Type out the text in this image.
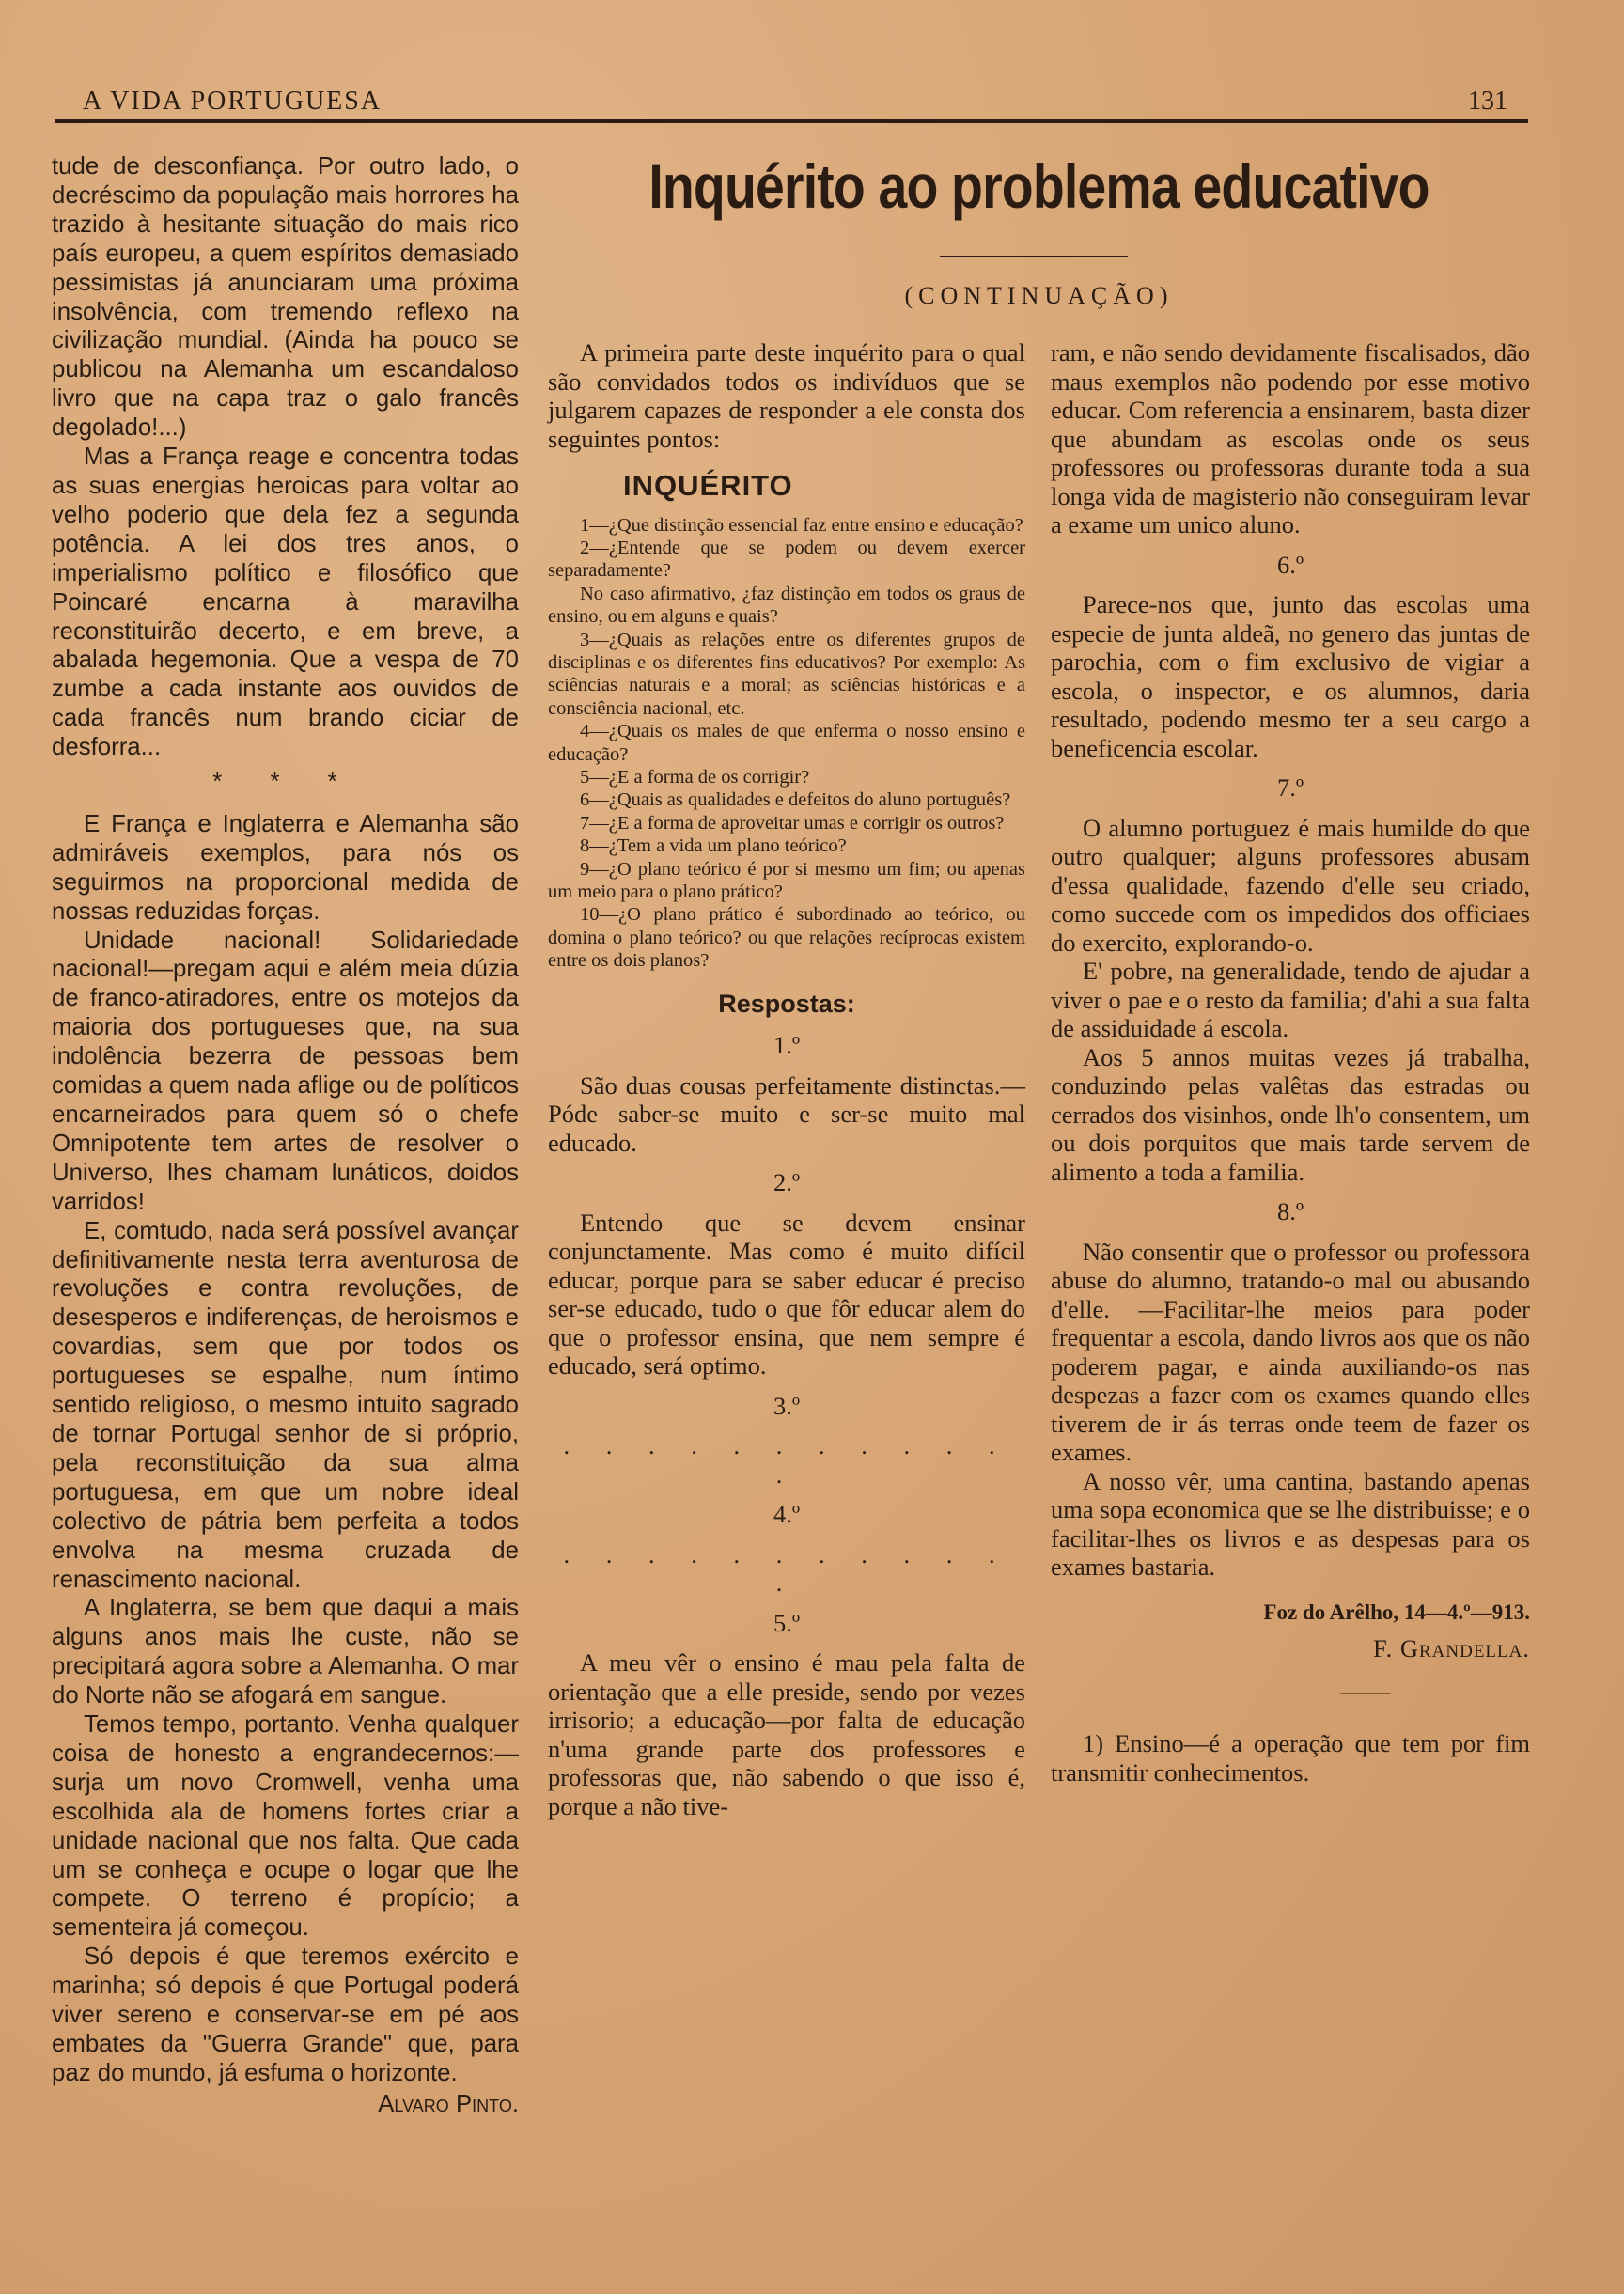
A VIDA PORTUGUESA	131

tude de desconfiança. Por outro lado, o decréscimo da população mais horrores ha trazido à hesitante situação do mais rico país europeu, a quem espíritos demasiado pessimistas já anunciaram uma próxima insolvência, com tremendo reflexo na civilização mundial. (Ainda ha pouco se publicou na Alemanha um escandaloso livro que na capa traz o galo francês degolado!...)

Mas a França reage e concentra todas as suas energias heroicas para voltar ao velho poderio que dela fez a segunda potência. A lei dos tres anos, o imperialismo político e filosófico que Poincaré encarna à maravilha reconstituirão decerto, e em breve, a abalada hegemonia. Que a vespa de 70 zumbe a cada instante aos ouvidos de cada francês num brando ciciar de desforra...

* * *

E França e Inglaterra e Alemanha são admiráveis exemplos, para nós os seguirmos na proporcional medida de nossas reduzidas forças.

Unidade nacional! Solidariedade nacional!—pregam aqui e além meia dúzia de franco-atiradores, entre os motejos da maioria dos portugueses que, na sua indolência bezerra de pessoas bem comidas a quem nada aflige ou de políticos encarneirados para quem só o chefe Omnipotente tem artes de resolver o Universo, lhes chamam lunáticos, doidos varridos!

E, comtudo, nada será possível avançar definitivamente nesta terra aventurosa de revoluções e contra revoluções, de desesperos e indiferenças, de heroismos e covardias, sem que por todos os portugueses se espalhe, num íntimo sentido religioso, o mesmo intuito sagrado de tornar Portugal senhor de si próprio, pela reconstituição da sua alma portuguesa, em que um nobre ideal colectivo de pátria bem perfeita a todos envolva na mesma cruzada de renascimento nacional.

A Inglaterra, se bem que daqui a mais alguns anos mais lhe custe, não se precipitará agora sobre a Alemanha. O mar do Norte não se afogará em sangue.

Temos tempo, portanto. Venha qualquer coisa de honesto a engrandecernos:—surja um novo Cromwell, venha uma escolhida ala de homens fortes criar a unidade nacional que nos falta. Que cada um se conheça e ocupe o logar que lhe compete. O terreno é propício; a sementeira já começou.

Só depois é que teremos exército e marinha; só depois é que Portugal poderá viver sereno e conservar-se em pé aos embates da "Guerra Grande" que, para paz do mundo, já esfuma o horizonte.

Alvaro Pinto.

Inquérito ao problema educativo
(CONTINUAÇÃO)

A primeira parte deste inquérito para o qual são convidados todos os indivíduos que se julgarem capazes de responder a ele consta dos seguintes pontos:

INQUÉRITO

1—¿Que distinção essencial faz entre ensino e educação?

2—¿Entende que se podem ou devem exercer separadamente?

No caso afirmativo, ¿faz distinção em todos os graus de ensino, ou em alguns e quais?

3—¿Quais as relações entre os diferentes grupos de disciplinas e os diferentes fins educativos? Por exemplo: As sciências naturais e a moral; as sciências históricas e a consciência nacional, etc.

4—¿Quais os males de que enferma o nosso ensino e educação?

5—¿E a forma de os corrigir?

6—¿Quais as qualidades e defeitos do aluno português?

7—¿E a forma de aproveitar umas e corrigir os outros?

8—¿Tem a vida um plano teórico?

9—¿O plano teórico é por si mesmo um fim; ou apenas um meio para o plano prático?

10—¿O plano prático é subordinado ao teórico, ou domina o plano teórico? ou que relações recíprocas existem entre os dois planos?

Respostas:

1.º

São duas cousas perfeitamente distinctas.—Póde saber-se muito e ser-se muito mal educado.

2.º

Entendo que se devem ensinar conjunctamente. Mas como é muito difícil educar, porque para se saber educar é preciso ser-se educado, tudo o que fôr educar alem do que o professor ensina, que nem sempre é educado, será optimo.

3.º

. . . . . . . . . . . .

4.º

. . . . . . . . . . . .

5.º

A meu vêr o ensino é mau pela falta de orientação que a elle preside, sendo por vezes irrisorio; a educação—por falta de educação n'uma grande parte dos professores e professoras que, não sabendo o que isso é, porque a não tive-

ram, e não sendo devidamente fiscalisados, dão maus exemplos não podendo por esse motivo educar. Com referencia a ensinarem, basta dizer que abundam as escolas onde os seus professores ou professoras durante toda a sua longa vida de magisterio não conseguiram levar a exame um unico aluno.

6.º

Parece-nos que, junto das escolas uma especie de junta aldeã, no genero das juntas de parochia, com o fim exclusivo de vigiar a escola, o inspector, e os alumnos, daria resultado, podendo mesmo ter a seu cargo a beneficencia escolar.

7.º

O alumno portuguez é mais humilde do que outro qualquer; alguns professores abusam d'essa qualidade, fazendo d'elle seu criado, como succede com os impedidos dos officiaes do exercito, explorando-o.

E' pobre, na generalidade, tendo de ajudar a viver o pae e o resto da familia; d'ahi a sua falta de assiduidade á escola.

Aos 5 annos muitas vezes já trabalha, conduzindo pelas valêtas das estradas ou cerrados dos visinhos, onde lh'o consentem, um ou dois porquitos que mais tarde servem de alimento a toda a familia.

8.º

Não consentir que o professor ou professora abuse do alumno, tratando-o mal ou abusando d'elle. —Facilitar-lhe meios para poder frequentar a escola, dando livros aos que os não poderem pagar, e ainda auxiliando-os nas despezas a fazer com os exames quando elles tiverem de ir ás terras onde teem de fazer os exames.

A nosso vêr, uma cantina, bastando apenas uma sopa economica que se lhe distribuisse; e o facilitar-lhes os livros e as despesas para os exames bastaria.

Foz do Arêlho, 14—4.º—913.

F. Grandella.

——

1) Ensino—é a operação que tem por fim transmitir conhecimentos.
